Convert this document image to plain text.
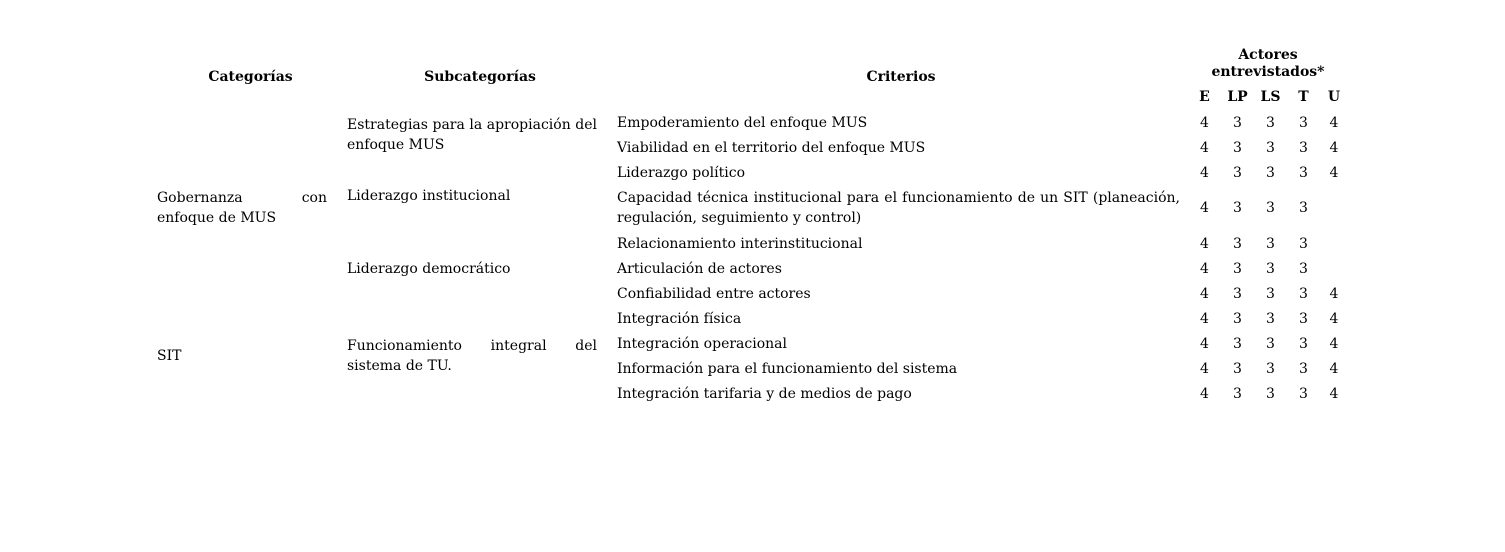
Categorías	Subcategorías	Criterios	Actores entrevistados*				
			E	LP	LS	T	U
Gobernanza con enfoque de MUS	Estrategias para la apropiación del enfoque MUS	Empoderamiento del enfoque MUS	4	3	3	3	4
		Viabilidad en el territorio del enfoque MUS	4	3	3	3	4
	Liderazgo institucional	Liderazgo político	4	3	3	3	4
		Capacidad técnica institucional para el funcionamiento de un SIT (planeación, regulación, seguimiento y control)	4	3	3	3	
	Liderazgo democrático	Relacionamiento interinstitucional	4	3	3	3	
		Articulación de actores	4	3	3	3	
		Confiabilidad entre actores	4	3	3	3	4
SIT	Funcionamiento integral del sistema de TU.	Integración física	4	3	3	3	4
		Integración operacional	4	3	3	3	4
		Información para el funcionamiento del sistema	4	3	3	3	4
		Integración tarifaria y de medios de pago	4	3	3	3	4
